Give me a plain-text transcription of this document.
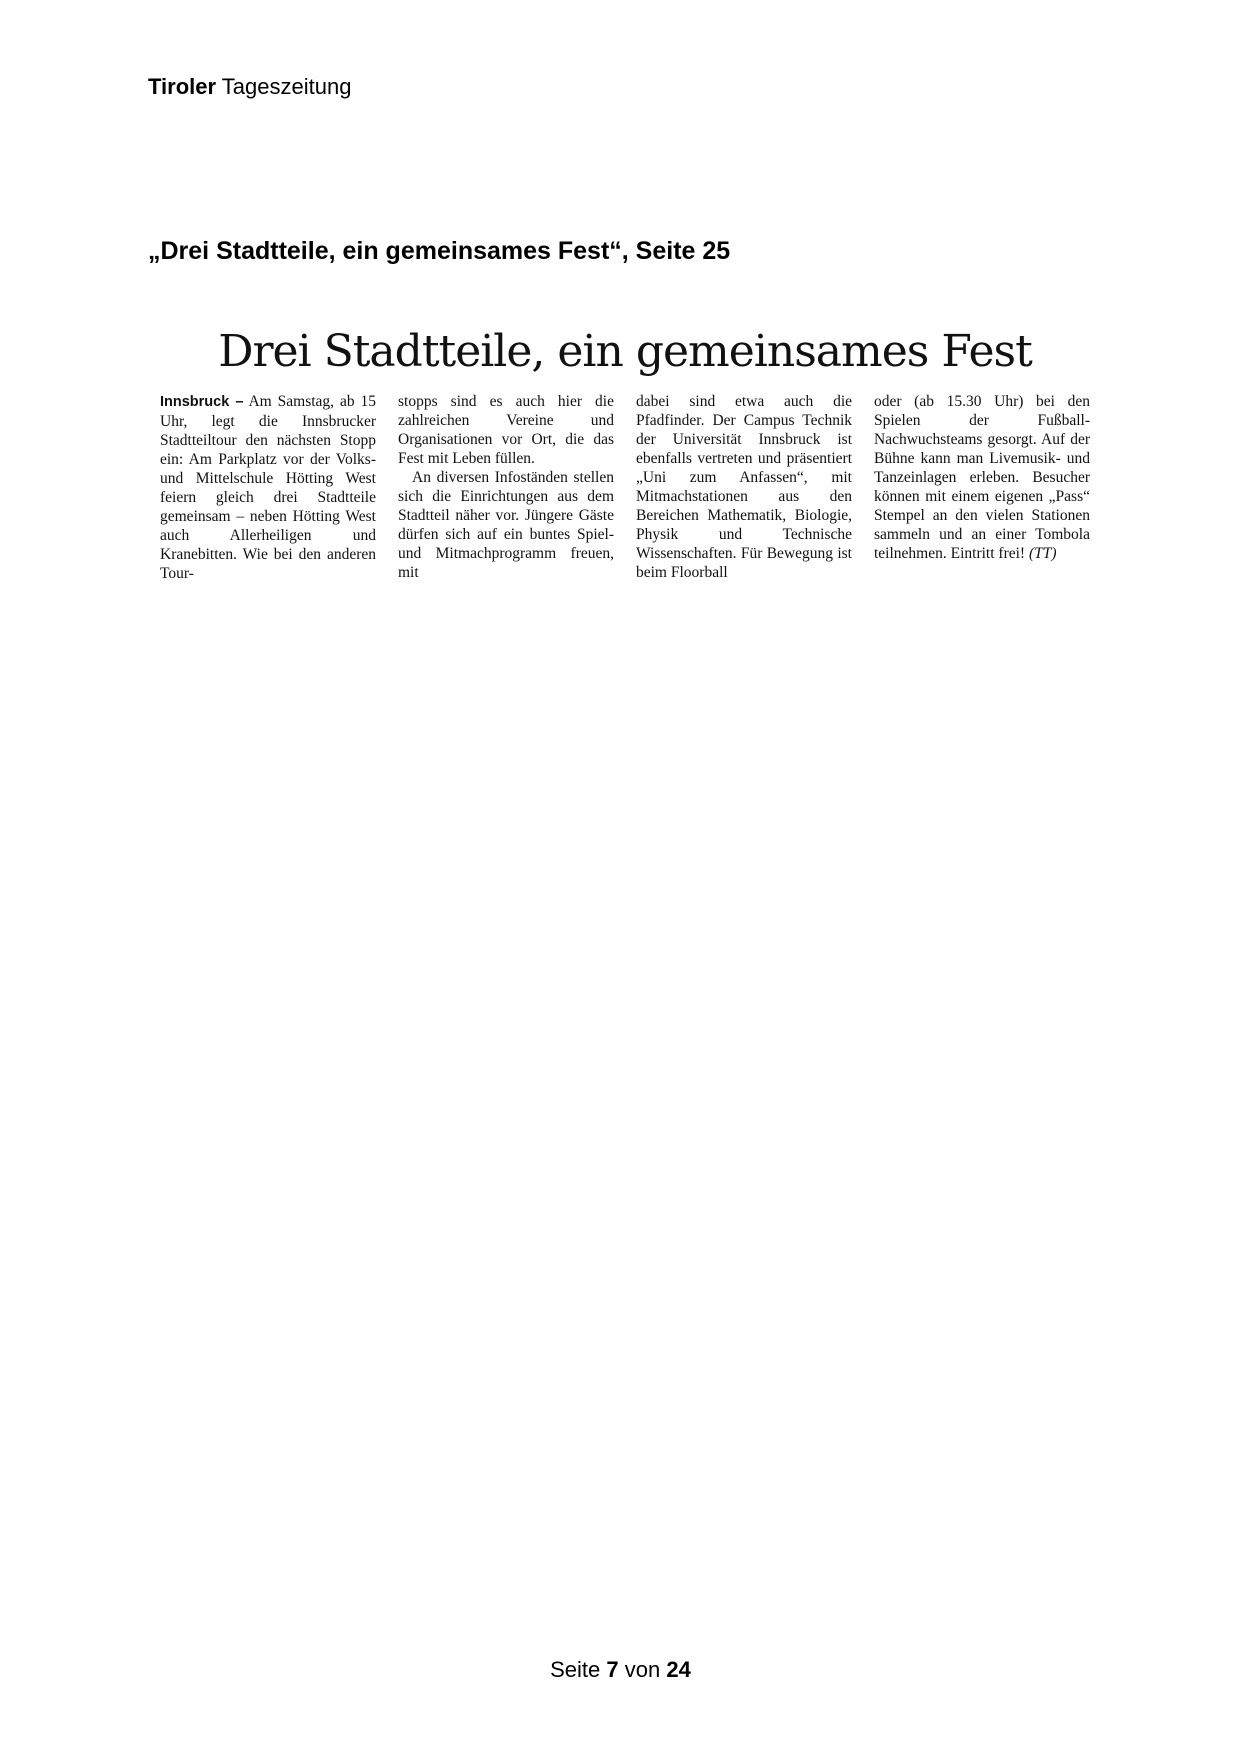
Tiroler Tageszeitung
„Drei Stadtteile, ein gemeinsames Fest“, Seite 25
Drei Stadtteile, ein gemeinsames Fest

Innsbruck – Am Samstag, ab 15 Uhr, legt die Innsbrucker Stadtteiltour den nächsten Stopp ein: Am Parkplatz vor der Volks- und Mittelschule Hötting West feiern gleich drei Stadtteile gemeinsam – neben Hötting West auch Allerheiligen und Kranebitten. Wie bei den anderen Tour-

stopps sind es auch hier die zahlreichen Vereine und Organisationen vor Ort, die das Fest mit Leben füllen.

An diversen Infoständen stellen sich die Einrichtungen aus dem Stadtteil näher vor. Jüngere Gäste dürfen sich auf ein buntes Spiel- und Mitmachprogramm freuen, mit

dabei sind etwa auch die Pfadfinder. Der Campus Technik der Universität Innsbruck ist ebenfalls vertreten und präsentiert „Uni zum Anfassen“, mit Mitmachstationen aus den Bereichen Mathematik, Biologie, Physik und Technische Wissenschaften. Für Bewegung ist beim Floorball

oder (ab 15.30 Uhr) bei den Spielen der Fußball-Nachwuchsteams gesorgt. Auf der Bühne kann man Livemusik- und Tanzeinlagen erleben. Besucher können mit einem eigenen „Pass“ Stempel an den vielen Stationen sammeln und an einer Tombola teilnehmen. Eintritt frei! (TT)

Seite 7 von 24
